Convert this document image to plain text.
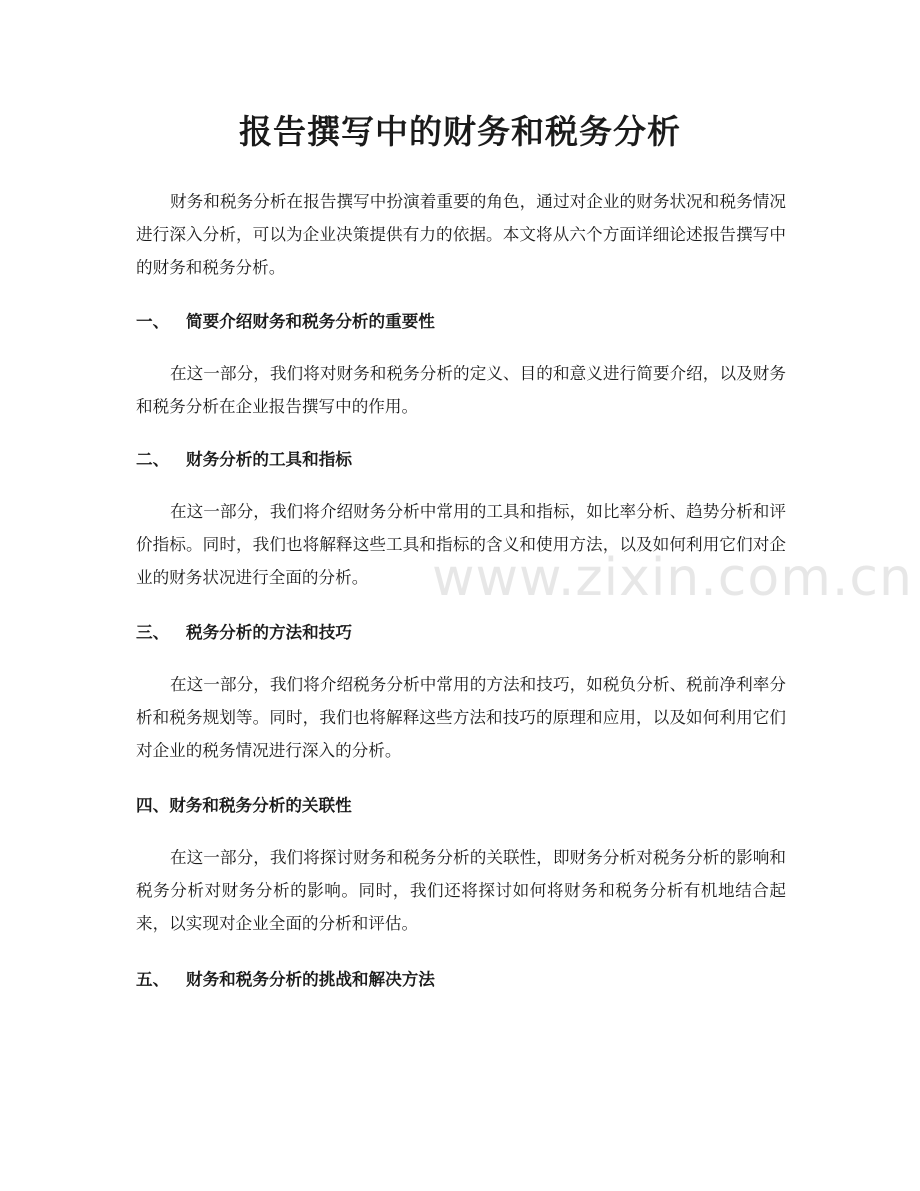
报告撰写中的财务和税务分析

财务和税务分析在报告撰写中扮演着重要的角色，通过对企业的财务状况和税务情况进行深入分析，可以为企业决策提供有力的依据。本文将从六个方面详细论述报告撰写中的财务和税务分析。

一、 简要介绍财务和税务分析的重要性

在这一部分，我们将对财务和税务分析的定义、目的和意义进行简要介绍，以及财务和税务分析在企业报告撰写中的作用。

二、 财务分析的工具和指标

在这一部分，我们将介绍财务分析中常用的工具和指标，如比率分析、趋势分析和评价指标。同时，我们也将解释这些工具和指标的含义和使用方法，以及如何利用它们对企业的财务状况进行全面的分析。

三、 税务分析的方法和技巧

在这一部分，我们将介绍税务分析中常用的方法和技巧，如税负分析、税前净利率分析和税务规划等。同时，我们也将解释这些方法和技巧的原理和应用，以及如何利用它们对企业的税务情况进行深入的分析。

四、财务和税务分析的关联性

在这一部分，我们将探讨财务和税务分析的关联性，即财务分析对税务分析的影响和税务分析对财务分析的影响。同时，我们还将探讨如何将财务和税务分析有机地结合起来，以实现对企业全面的分析和评估。

五、 财务和税务分析的挑战和解决方法
www.zixin.com.cn
